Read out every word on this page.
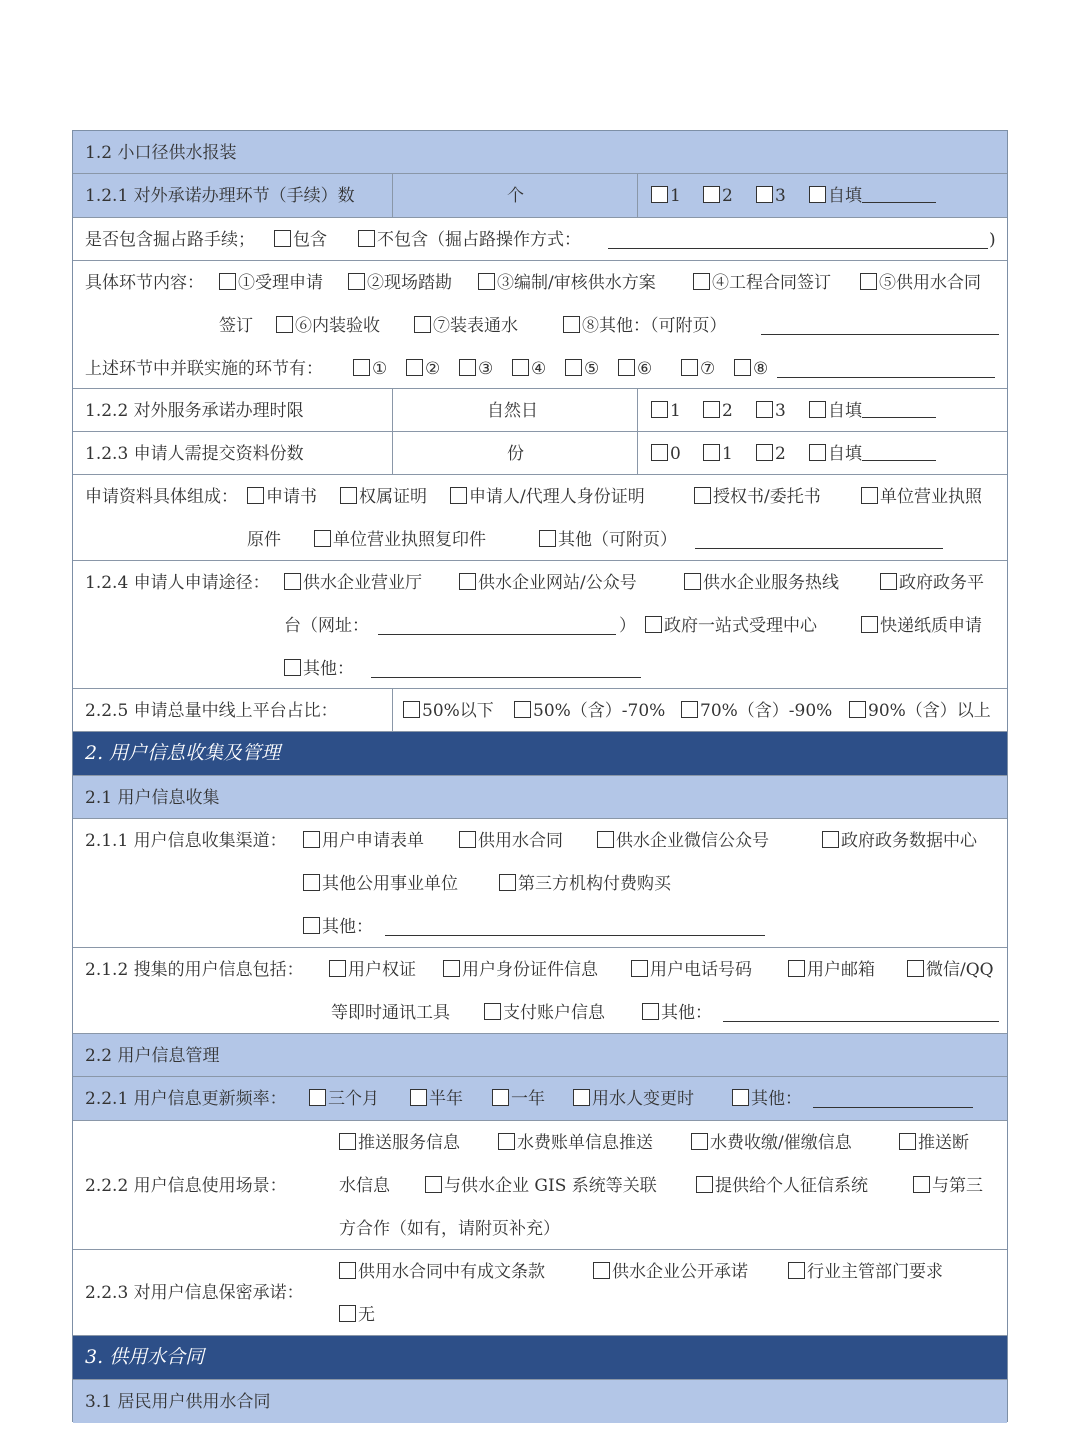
1.2 小口径供水报装
1.2.1 对外承诺办理环节（手续）数	个	1	2	3	自填
是否包含掘占路手续；	包含	不包含（掘占路操作方式：	)
具体环节内容：	①受理申请	②现场踏勘	③编制/审核供水方案	④工程合同签订	⑤供用水合同
签订	⑥内装验收	⑦装表通水	⑧其他：（可附页）
上述环节中并联实施的环节有：	①	②	③	④	⑤	⑥	⑦	⑧
1.2.2 对外服务承诺办理时限	自然日	1	2	3	自填
1.2.3 申请人需提交资料份数	份	0	1	2	自填
申请资料具体组成：	申请书	权属证明	申请人/代理人身份证明	授权书/委托书	单位营业执照
原件	单位营业执照复印件	其他（可附页）
1.2.4 申请人申请途径：	供水企业营业厅	供水企业网站/公众号	供水企业服务热线	政府政务平
台（网址：	）	政府一站式受理中心	快递纸质申请
其他：
2.2.5 申请总量中线上平台占比：	50%以下	50%（含）-70%	70%（含）-90%	90%（含）以上
2. 用户信息收集及管理
2.1 用户信息收集
2.1.1 用户信息收集渠道：	用户申请表单	供用水合同	供水企业微信公众号	政府政务数据中心
其他公用事业单位	第三方机构付费购买
其他：
2.1.2 搜集的用户信息包括：	用户权证	用户身份证件信息	用户电话号码	用户邮箱	微信/QQ
等即时通讯工具	支付账户信息	其他：
2.2 用户信息管理
2.2.1 用户信息更新频率：	三个月	半年	一年	用水人变更时	其他：
2.2.2 用户信息使用场景：
推送服务信息	水费账单信息推送	水费收缴/催缴信息	推送断
水信息	与供水企业 GIS 系统等关联	提供给个人征信系统	与第三
方合作（如有，请附页补充）
2.2.3 对用户信息保密承诺：
供用水合同中有成文条款	供水企业公开承诺	行业主管部门要求
无
3. 供用水合同
3.1 居民用户供用水合同
